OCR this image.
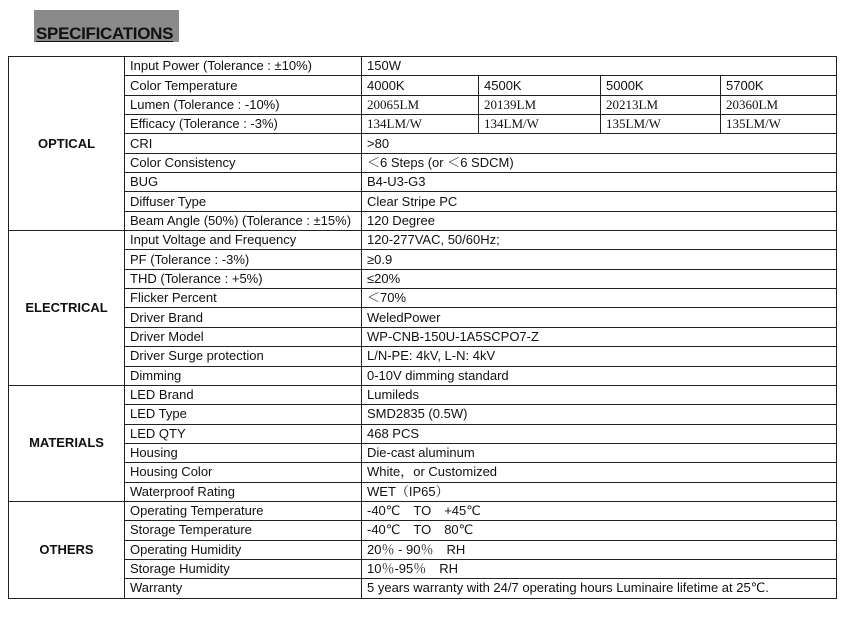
SPECIFICATIONS
OPTICAL	Input Power (Tolerance : ±10%)	150W			
	Color Temperature	4000K	4500K	5000K	5700K
	Lumen (Tolerance : -10%)	20065LM	20139LM	20213LM	20360LM
	Efficacy (Tolerance : -3%)	134LM/W	134LM/W	135LM/W	135LM/W
	CRI	>80			
	Color Consistency	＜6 Steps (or ＜6 SDCM)			
	BUG	B4-U3-G3			
	Diffuser Type	Clear Stripe PC			
	Beam Angle (50%) (Tolerance : ±15%)	120 Degree			
ELECTRICAL	Input Voltage and Frequency	120-277VAC, 50/60Hz;			
	PF (Tolerance : -3%)	≥0.9			
	THD (Tolerance : +5%)	≤20%			
	Flicker Percent	＜70%			
	Driver Brand	WeledPower			
	Driver Model	WP-CNB-150U-1A5SCPO7-Z			
	Driver Surge protection	L/N-PE: 4kV, L-N: 4kV			
	Dimming	0-10V dimming standard			
MATERIALS	LED Brand	Lumileds			
	LED Type	SMD2835 (0.5W)			
	LED QTY	468 PCS			
	Housing	Die-cast aluminum			
	Housing Color	White，or Customized			
	Waterproof Rating	WET（IP65）			
OTHERS	Operating Temperature	-40℃　TO　+45℃			
	Storage Temperature	-40℃　TO　80℃			
	Operating Humidity	20％ - 90％　RH			
	Storage Humidity	10％-95％　RH			
	Warranty	5 years warranty with 24/7 operating hours Luminaire lifetime at 25℃.			
